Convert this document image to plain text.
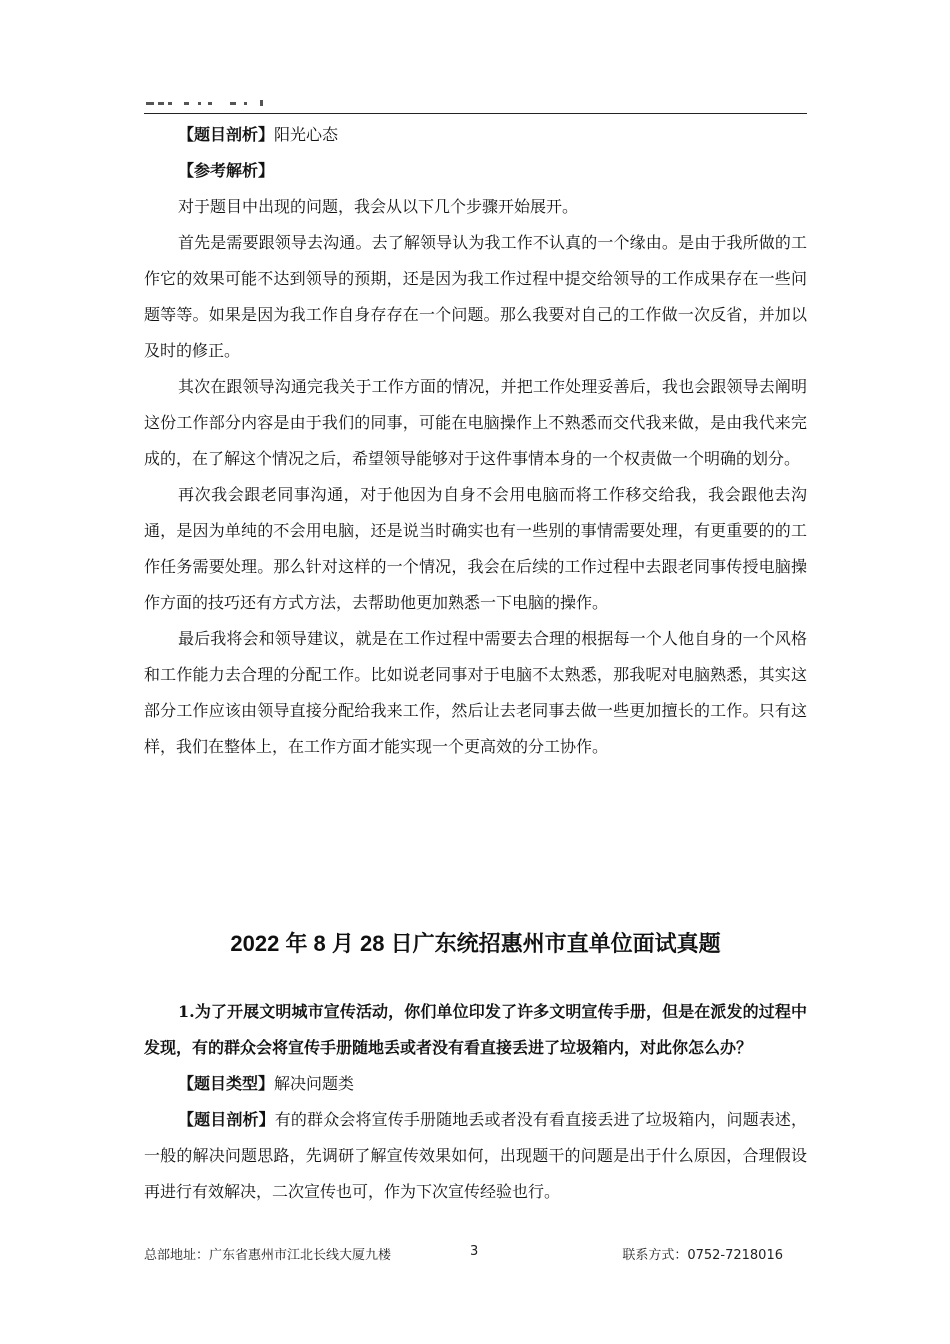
【题目剖析】阳光心态

【参考解析】

对于题目中出现的问题，我会从以下几个步骤开始展开。

首先是需要跟领导去沟通。去了解领导认为我工作不认真的一个缘由。是由于我所做的工作它的效果可能不达到领导的预期，还是因为我工作过程中提交给领导的工作成果存在一些问题等等。如果是因为我工作自身存存在一个问题。那么我要对自己的工作做一次反省，并加以及时的修正。

其次在跟领导沟通完我关于工作方面的情况，并把工作处理妥善后，我也会跟领导去阐明这份工作部分内容是由于我们的同事，可能在电脑操作上不熟悉而交代我来做，是由我代来完成的，在了解这个情况之后，希望领导能够对于这件事情本身的一个权责做一个明确的划分。

再次我会跟老同事沟通，对于他因为自身不会用电脑而将工作移交给我，我会跟他去沟通，是因为单纯的不会用电脑，还是说当时确实也有一些别的事情需要处理，有更重要的的工作任务需要处理。那么针对这样的一个情况，我会在后续的工作过程中去跟老同事传授电脑操作方面的技巧还有方式方法，去帮助他更加熟悉一下电脑的操作。

最后我将会和领导建议，就是在工作过程中需要去合理的根据每一个人他自身的一个风格和工作能力去合理的分配工作。比如说老同事对于电脑不太熟悉，那我呢对电脑熟悉，其实这部分工作应该由领导直接分配给我来工作，然后让去老同事去做一些更加擅长的工作。只有这样，我们在整体上，在工作方面才能实现一个更高效的分工协作。

2022 年 8 月 28 日广东统招惠州市直单位面试真题

1.为了开展文明城市宣传活动，你们单位印发了许多文明宣传手册，但是在派发的过程中发现，有的群众会将宣传手册随地丢或者没有看直接丢进了垃圾箱内，对此你怎么办？

【题目类型】解决问题类

【题目剖析】有的群众会将宣传手册随地丢或者没有看直接丢进了垃圾箱内，问题表述，一般的解决问题思路，先调研了解宣传效果如何，出现题干的问题是出于什么原因，合理假设再进行有效解决，二次宣传也可，作为下次宣传经验也行。

总部地址：广东省惠州市江北长线大厦九楼	3	联系方式：0752-7218016
